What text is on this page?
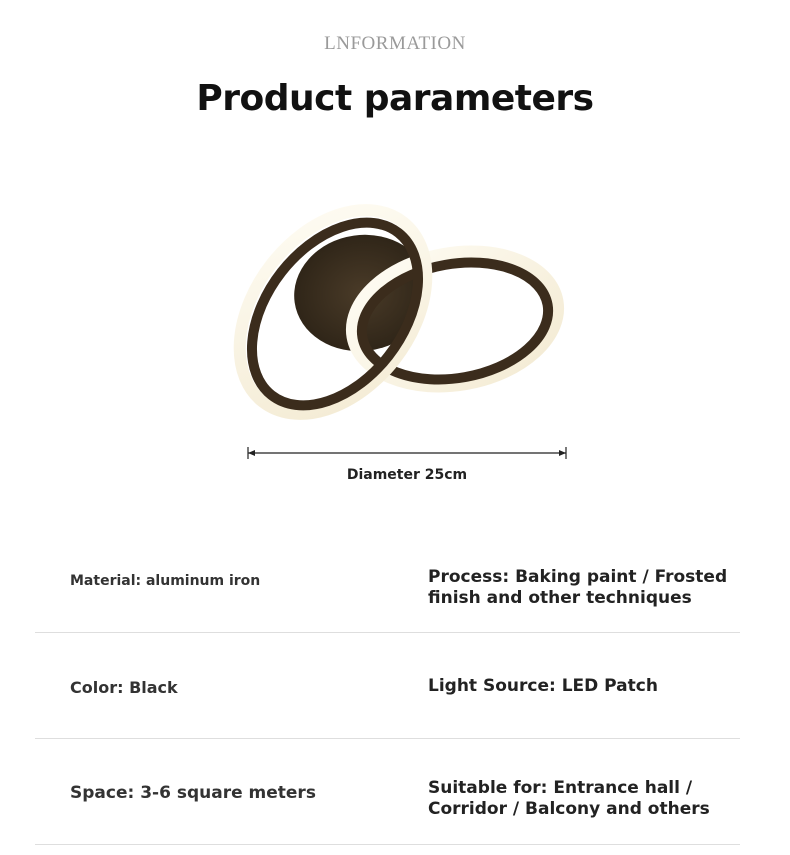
LNFORMATION
Product parameters
Diameter 25cm
Material: aluminum iron	Process: Baking paint / Frosted finish and other techniques
Color: Black	Light Source: LED Patch
Space: 3-6 square meters	Suitable for: Entrance hall / Corridor / Balcony and others
